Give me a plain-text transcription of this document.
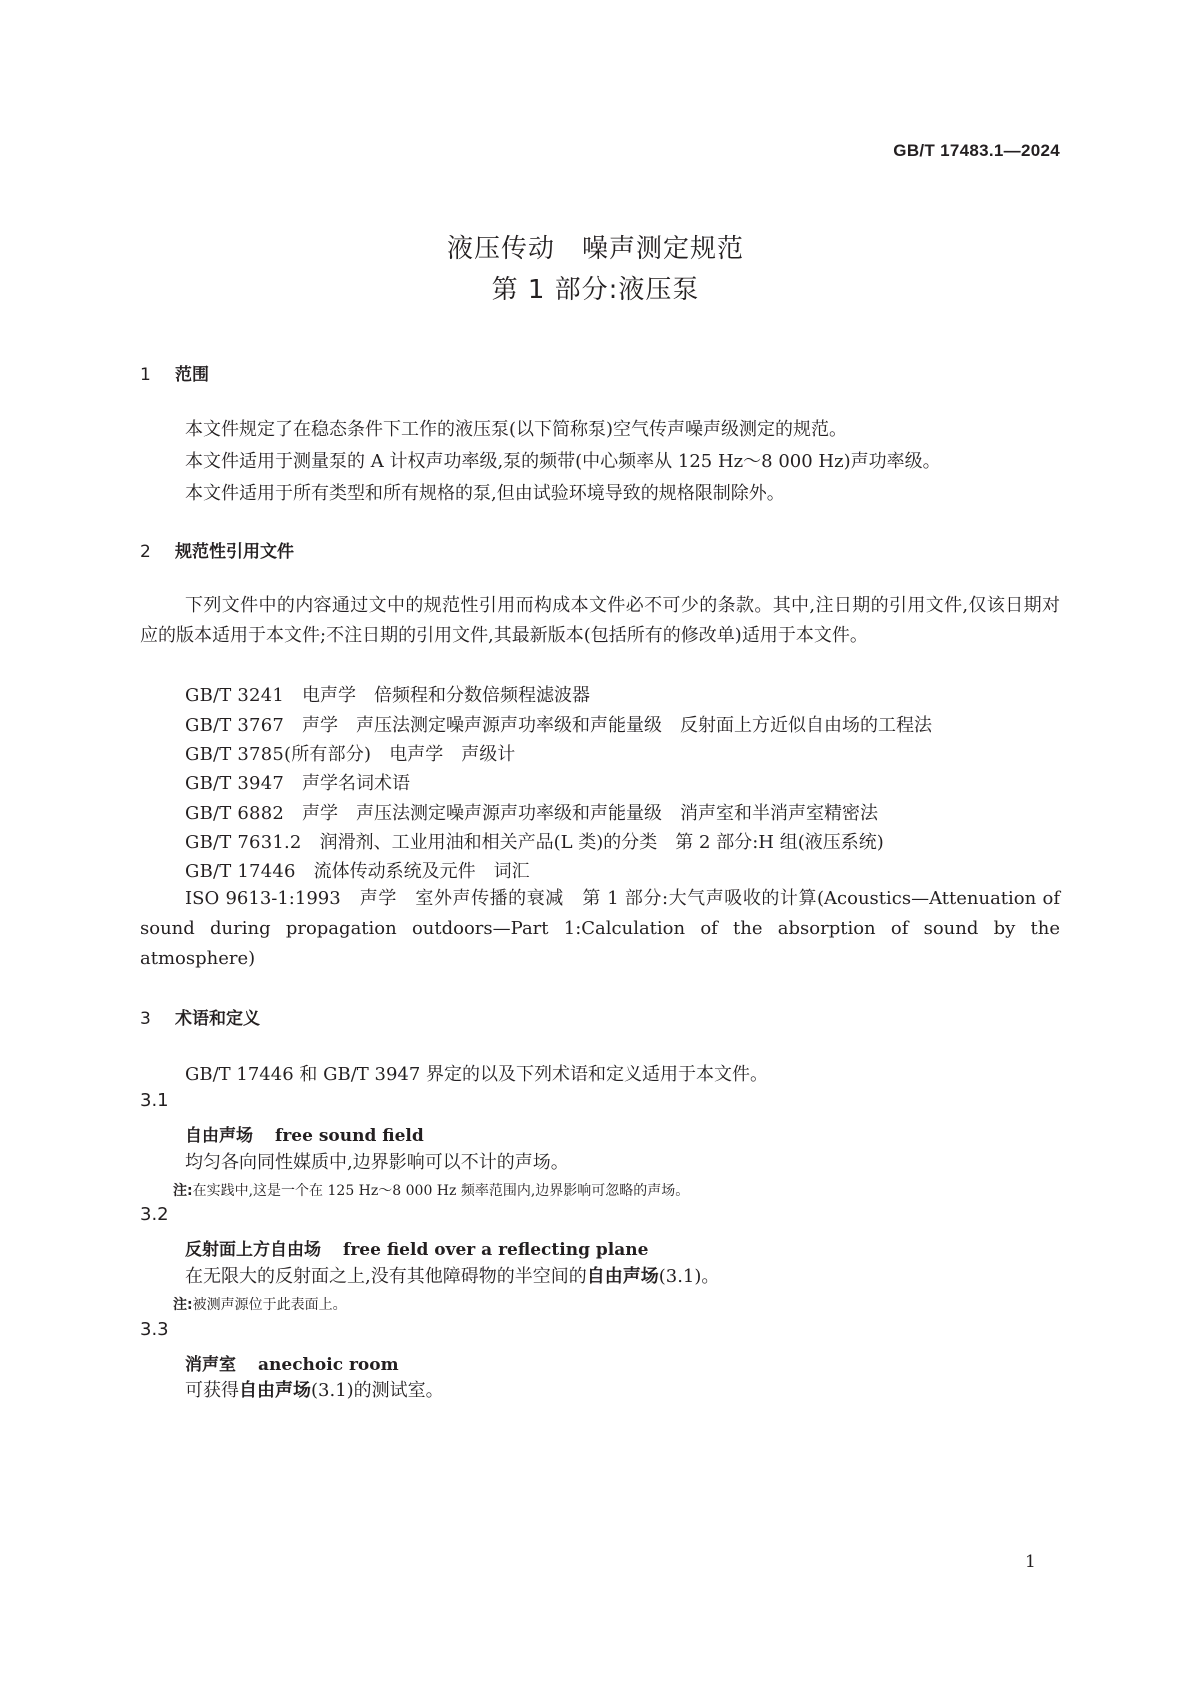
GB/T 17483.1—2024
液压传动　噪声测定规范
第 1 部分:液压泵
1 范围
本文件规定了在稳态条件下工作的液压泵(以下简称泵)空气传声噪声级测定的规范。
本文件适用于测量泵的 A 计权声功率级,泵的频带(中心频率从 125 Hz～8 000 Hz)声功率级。
本文件适用于所有类型和所有规格的泵,但由试验环境导致的规格限制除外。
2 规范性引用文件
下列文件中的内容通过文中的规范性引用而构成本文件必不可少的条款。其中,注日期的引用文件,仅该日期对应的版本适用于本文件;不注日期的引用文件,其最新版本(包括所有的修改单)适用于本文件。
GB/T 3241　 电声学　倍频程和分数倍频程滤波器
GB/T 3767　 声学　声压法测定噪声源声功率级和声能量级　反射面上方近似自由场的工程法
GB/T 3785(所有部分)　 电声学　声级计
GB/T 3947　 声学名词术语
GB/T 6882　 声学　声压法测定噪声源声功率级和声能量级　消声室和半消声室精密法
GB/T 7631.2　 润滑剂、工业用油和相关产品(L 类)的分类　第 2 部分:H 组(液压系统)
GB/T 17446　 流体传动系统及元件　词汇
ISO 9613-1:1993　声学　室外声传播的衰减　第 1 部分:大气声吸收的计算(Acoustics—Attenuation of sound during propagation outdoors—Part 1:Calculation of the absorption of sound by the atmosphere)
3 术语和定义
GB/T 17446 和 GB/T 3947 界定的以及下列术语和定义适用于本文件。
3.1
自由声场 free sound field
均匀各向同性媒质中,边界影响可以不计的声场。
注:在实践中,这是一个在 125 Hz～8 000 Hz 频率范围内,边界影响可忽略的声场。
3.2
反射面上方自由场 free field over a reflecting plane
在无限大的反射面之上,没有其他障碍物的半空间的自由声场(3.1)。
注:被测声源位于此表面上。
3.3
消声室 anechoic room
可获得自由声场(3.1)的测试室。
1
